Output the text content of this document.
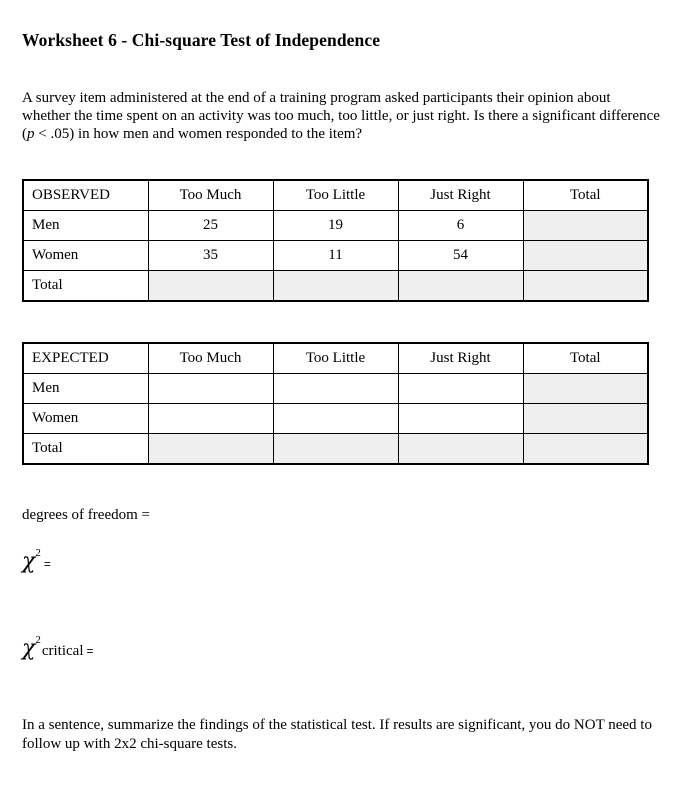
Worksheet 6 - Chi-square Test of Independence
A survey item administered at the end of a training program asked participants their opinion about whether the time spent on an activity was too much, too little, or just right. Is there a significant difference (p < .05) in how men and women responded to the item?
OBSERVED	Too Much	Too Little	Just Right	Total
Men	25	19	6	
Women	35	11	54	
Total				
EXPECTED	Too Much	Too Little	Just Right	Total
Men				
Women				
Total				
degrees of freedom =
$\chi^2=$
$\chi^2critical$ =
In a sentence, summarize the findings of the statistical test. If results are significant, you do NOT need to follow up with 2x2 chi-square tests.
